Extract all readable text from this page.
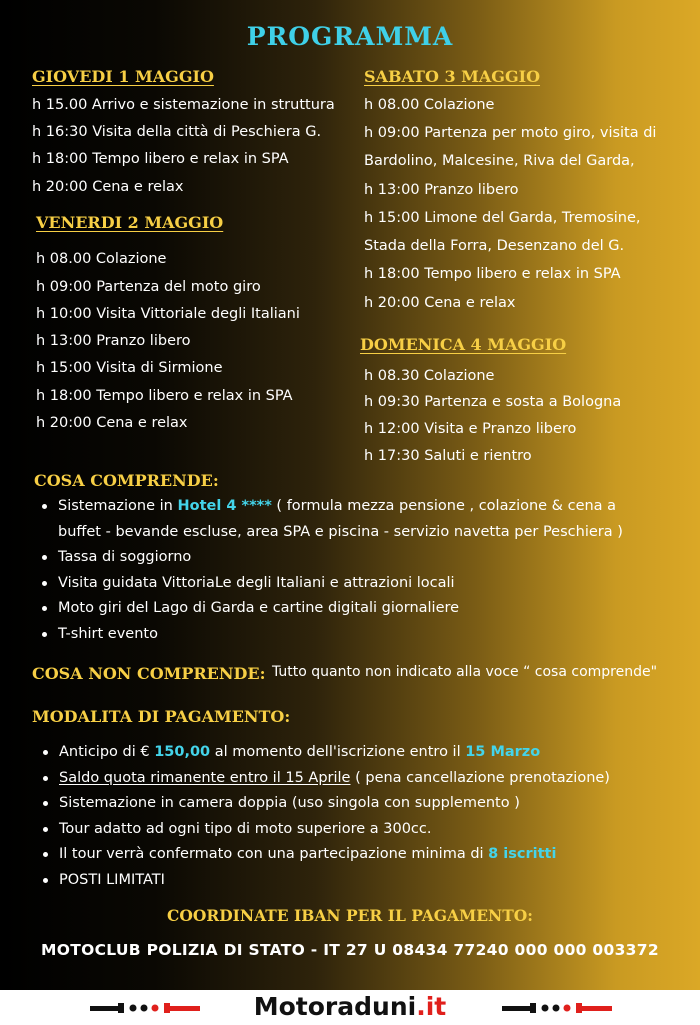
PROGRAMMA
GIOVEDI 1 MAGGIO
h 15.00 Arrivo e sistemazione in struttura
h 16:30 Visita della città di Peschiera G.
h 18:00 Tempo libero e relax in SPA
h 20:00 Cena e relax
VENERDI 2 MAGGIO
h 08.00 Colazione
h 09:00 Partenza del moto giro
h 10:00 Visita Vittoriale degli Italiani
h 13:00 Pranzo libero
h 15:00 Visita di Sirmione
h 18:00 Tempo libero e relax in SPA
h 20:00 Cena e relax
SABATO 3 MAGGIO
h 08.00 Colazione
h 09:00 Partenza per moto giro, visita di
Bardolino, Malcesine, Riva del Garda,
h 13:00 Pranzo libero
h 15:00 Limone del Garda, Tremosine,
Stada della Forra, Desenzano del G.
h 18:00 Tempo libero e relax in SPA
h 20:00 Cena e relax
DOMENICA 4 MAGGIO
h 08.30 Colazione
h 09:30 Partenza e sosta a Bologna
h 12:00 Visita e Pranzo libero
h 17:30 Saluti e rientro
COSA COMPRENDE:
Sistemazione in Hotel 4 **** ( formula mezza pensione , colazione & cena a
buffet - bevande escluse, area SPA e piscina - servizio navetta per Peschiera )
Tassa di soggiorno
Visita guidata VittoriaLe degli Italiani e attrazioni locali
Moto giri del Lago di Garda e cartine digitali giornaliere
T-shirt evento
COSA NON COMPRENDE: Tutto quanto non indicato alla voce “ cosa comprende"
MODALITA DI PAGAMENTO:
Anticipo di € 150,00 al momento dell'iscrizione entro il 15 Marzo
Saldo quota rimanente entro il 15 Aprile ( pena cancellazione prenotazione)
Sistemazione in camera doppia (uso singola con supplemento )
Tour adatto ad ogni tipo di moto superiore a 300cc.
Il tour verrà confermato con una partecipazione minima di 8 iscritti
POSTI LIMITATI
COORDINATE IBAN PER IL PAGAMENTO:
MOTOCLUB POLIZIA DI STATO - IT 27 U 08434 77240 000 000 003372
Motoraduni.it
